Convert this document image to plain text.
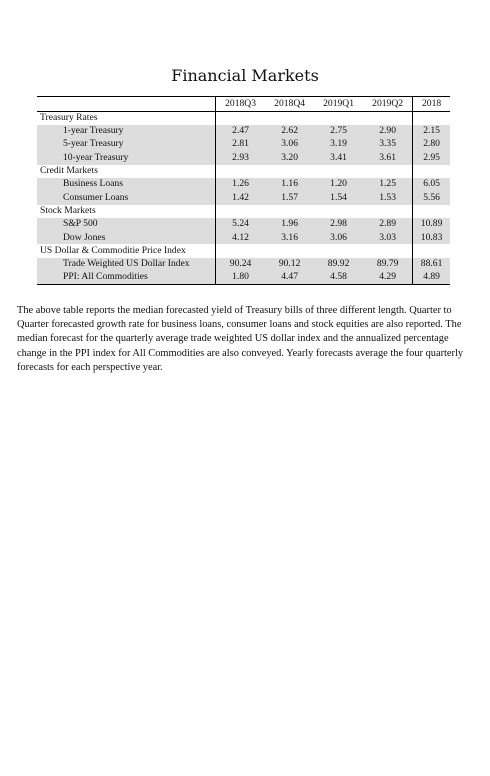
Financial Markets
	2018Q3	2018Q4	2019Q1	2019Q2	2018
Treasury Rates					
1-year Treasury	2.47	2.62	2.75	2.90	2.15
5-year Treasury	2.81	3.06	3.19	3.35	2.80
10-year Treasury	2.93	3.20	3.41	3.61	2.95
Credit Markets					
Business Loans	1.26	1.16	1.20	1.25	6.05
Consumer Loans	1.42	1.57	1.54	1.53	5.56
Stock Markets					
S&P 500	5.24	1.96	2.98	2.89	10.89
Dow Jones	4.12	3.16	3.06	3.03	10.83
US Dollar & Commoditie Price Index					
Trade Weighted US Dollar Index	90.24	90.12	89.92	89.79	88.61
PPI: All Commodities	1.80	4.47	4.58	4.29	4.89
The above table reports the median forecasted yield of Treasury bills of three different length. Quarter to Quarter forecasted growth rate for business loans, consumer loans and stock equities are also reported. The median forecast for the quarterly average trade weighted US dollar index and the annualized percentage change in the PPI index for All Commodities are also conveyed. Yearly forecasts average the four quarterly forecasts for each perspective year.
